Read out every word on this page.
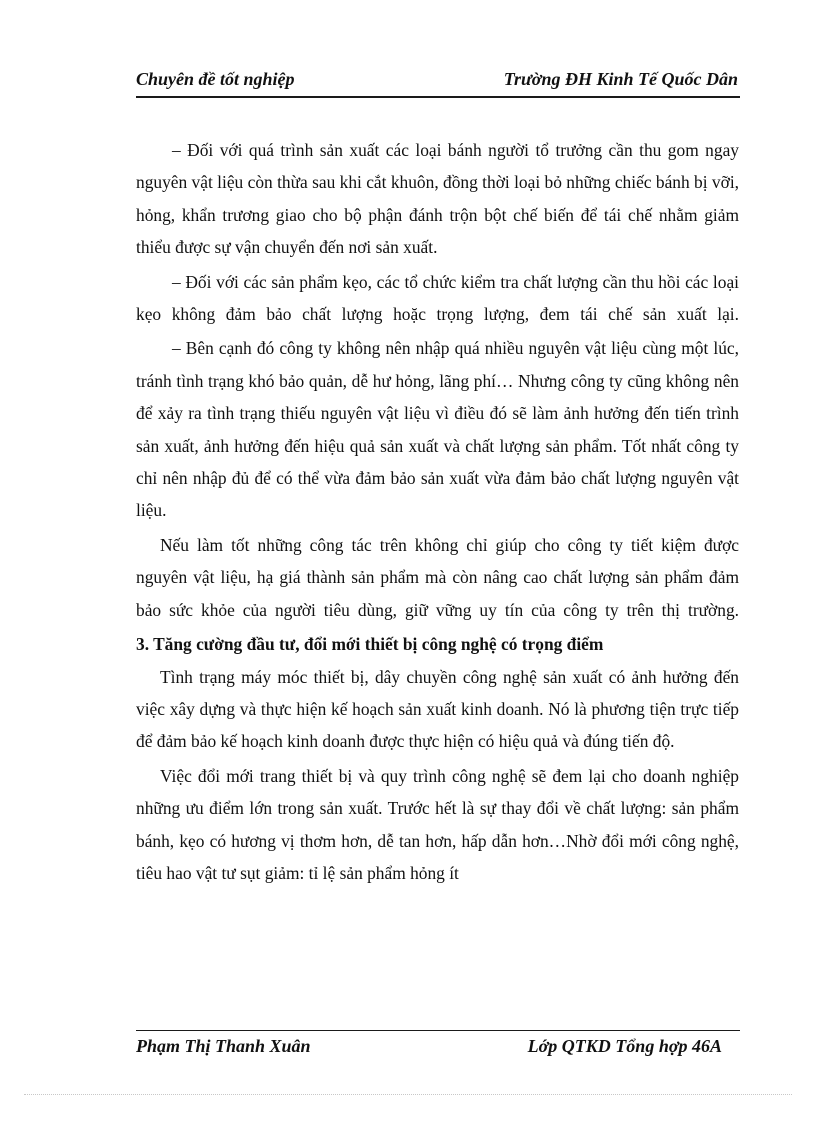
Chuyên đề tốt nghiệp	Trường ĐH Kinh Tế Quốc Dân

– Đối với quá trình sản xuất các loại bánh người tổ trưởng cần thu gom ngay nguyên vật liệu còn thừa sau khi cắt khuôn, đồng thời loại bỏ những chiếc bánh bị vỡi, hỏng, khẩn trương giao cho bộ phận đánh trộn bột chế biến để tái chế nhằm giảm thiểu được sự vận chuyển đến nơi sản xuất.

– Đối với các sản phẩm kẹo, các tổ chức kiểm tra chất lượng cần thu hồi các loại kẹo không đảm bảo chất lượng hoặc trọng lượng, đem tái chế sản xuất lại.

– Bên cạnh đó công ty không nên nhập quá nhiều nguyên vật liệu cùng một lúc, tránh tình trạng khó bảo quản, dễ hư hỏng, lãng phí… Nhưng công ty cũng không nên để xảy ra tình trạng thiếu nguyên vật liệu vì điều đó sẽ làm ảnh hưởng đến tiến trình sản xuất, ảnh hưởng đến hiệu quả sản xuất và chất lượng sản phẩm. Tốt nhất công ty chỉ nên nhập đủ để có thể vừa đảm bảo sản xuất vừa đảm bảo chất lượng nguyên vật liệu.

Nếu làm tốt những công tác trên không chỉ giúp cho công ty tiết kiệm được nguyên vật liệu, hạ giá thành sản phẩm mà còn nâng cao chất lượng sản phẩm đảm bảo sức khỏe của người tiêu dùng, giữ vững uy tín của công ty trên thị trường.

3. Tăng cường đầu tư, đổi mới thiết bị công nghệ có trọng điểm

Tình trạng máy móc thiết bị, dây chuyền công nghệ sản xuất có ảnh hưởng đến việc xây dựng và thực hiện kế hoạch sản xuất kinh doanh. Nó là phương tiện trực tiếp để đảm bảo kế hoạch kinh doanh được thực hiện có hiệu quả và đúng tiến độ.

Việc đổi mới trang thiết bị và quy trình công nghệ sẽ đem lại cho doanh nghiệp những ưu điểm lớn trong sản xuất. Trước hết là sự thay đổi về chất lượng: sản phẩm bánh, kẹo có hương vị thơm hơn, dễ tan hơn, hấp dẫn hơn…Nhờ đổi mới công nghệ, tiêu hao vật tư sụt giảm: tỉ lệ sản phẩm hỏng ít

Phạm Thị Thanh Xuân	Lớp QTKD Tổng hợp 46A
